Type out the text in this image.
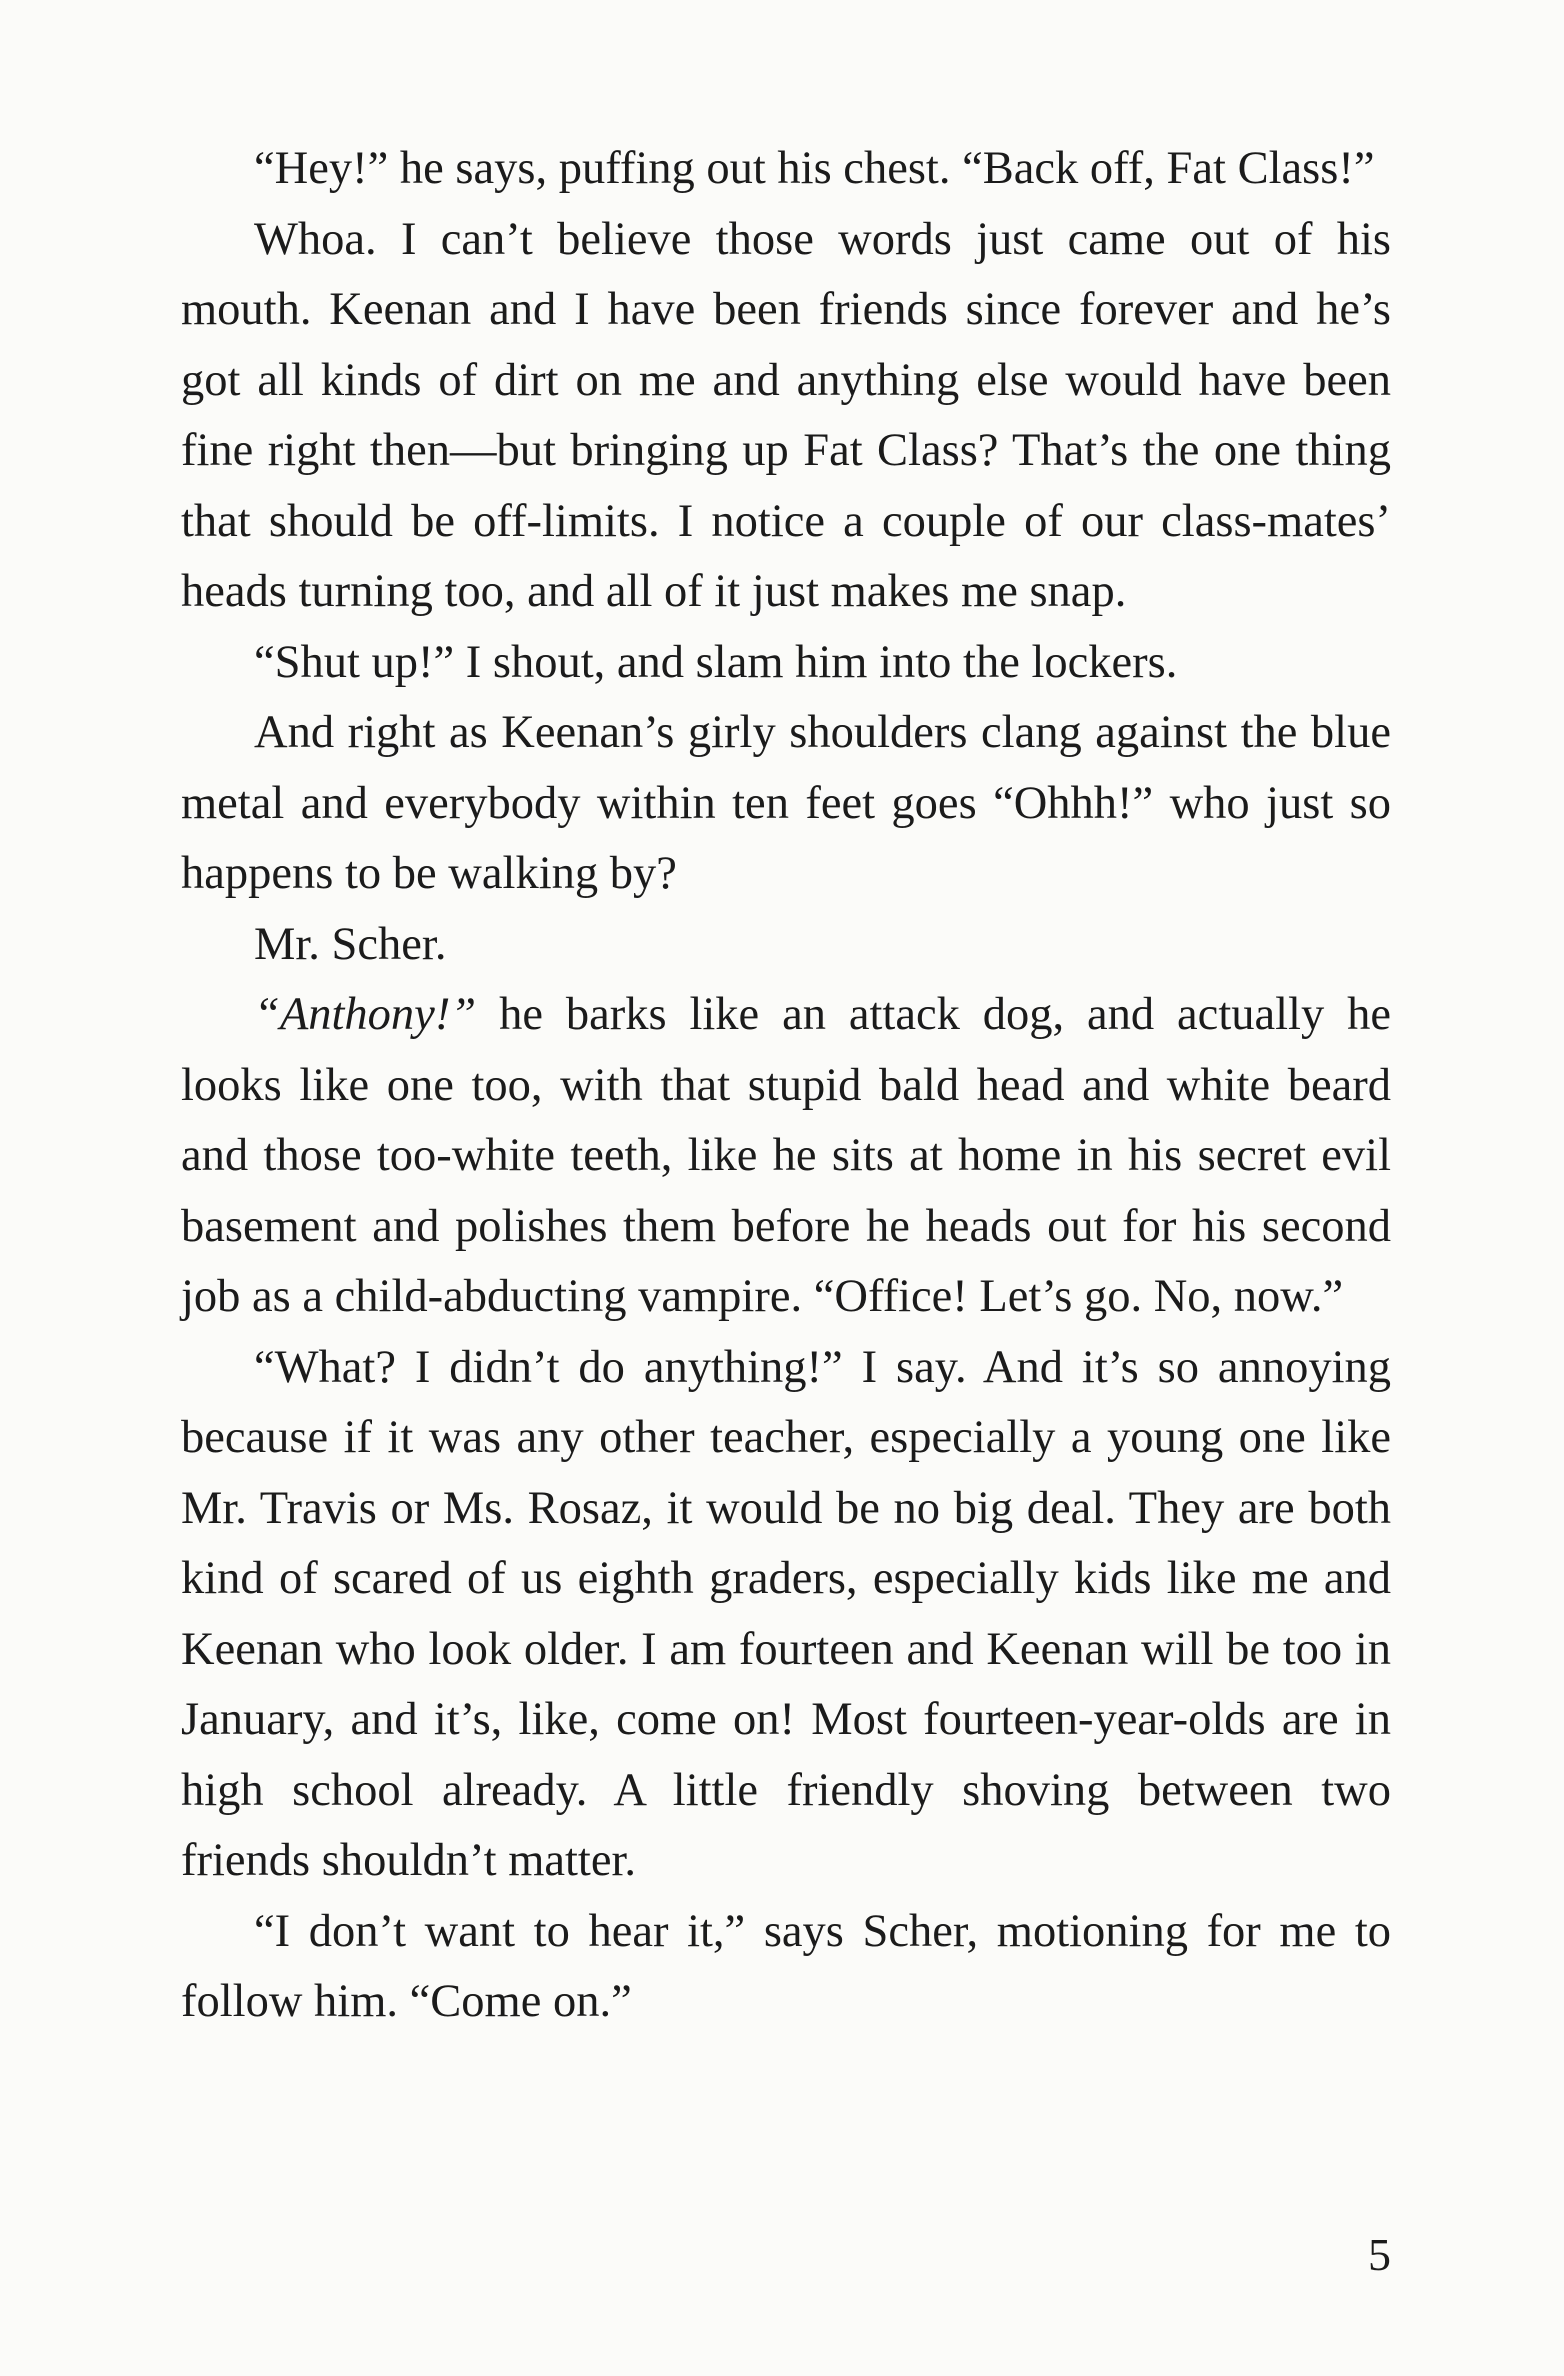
“Hey!” he says, puffing out his chest. “Back off, Fat Class!”

Whoa. I can’t believe those words just came out of his mouth. Keenan and I have been friends since forever and he’s got all kinds of dirt on me and anything else would have been fine right then—but bringing up Fat Class? That’s the one thing that should be off-limits. I notice a couple of our class-mates’ heads turning too, and all of it just makes me snap.

“Shut up!” I shout, and slam him into the lockers.

And right as Keenan’s girly shoulders clang against the blue metal and everybody within ten feet goes “Ohhh!” who just so happens to be walking by?

Mr. Scher.

“Anthony!” he barks like an attack dog, and actually he looks like one too, with that stupid bald head and white beard and those too-white teeth, like he sits at home in his secret evil basement and polishes them before he heads out for his second job as a child-abducting vampire. “Office! Let’s go. No, now.”

“What? I didn’t do anything!” I say. And it’s so annoying because if it was any other teacher, especially a young one like Mr. Travis or Ms. Rosaz, it would be no big deal. They are both kind of scared of us eighth graders, especially kids like me and Keenan who look older. I am fourteen and Keenan will be too in January, and it’s, like, come on! Most fourteen-year-olds are in high school already. A little friendly shoving between two friends shouldn’t matter.

“I don’t want to hear it,” says Scher, motioning for me to follow him. “Come on.”

5
